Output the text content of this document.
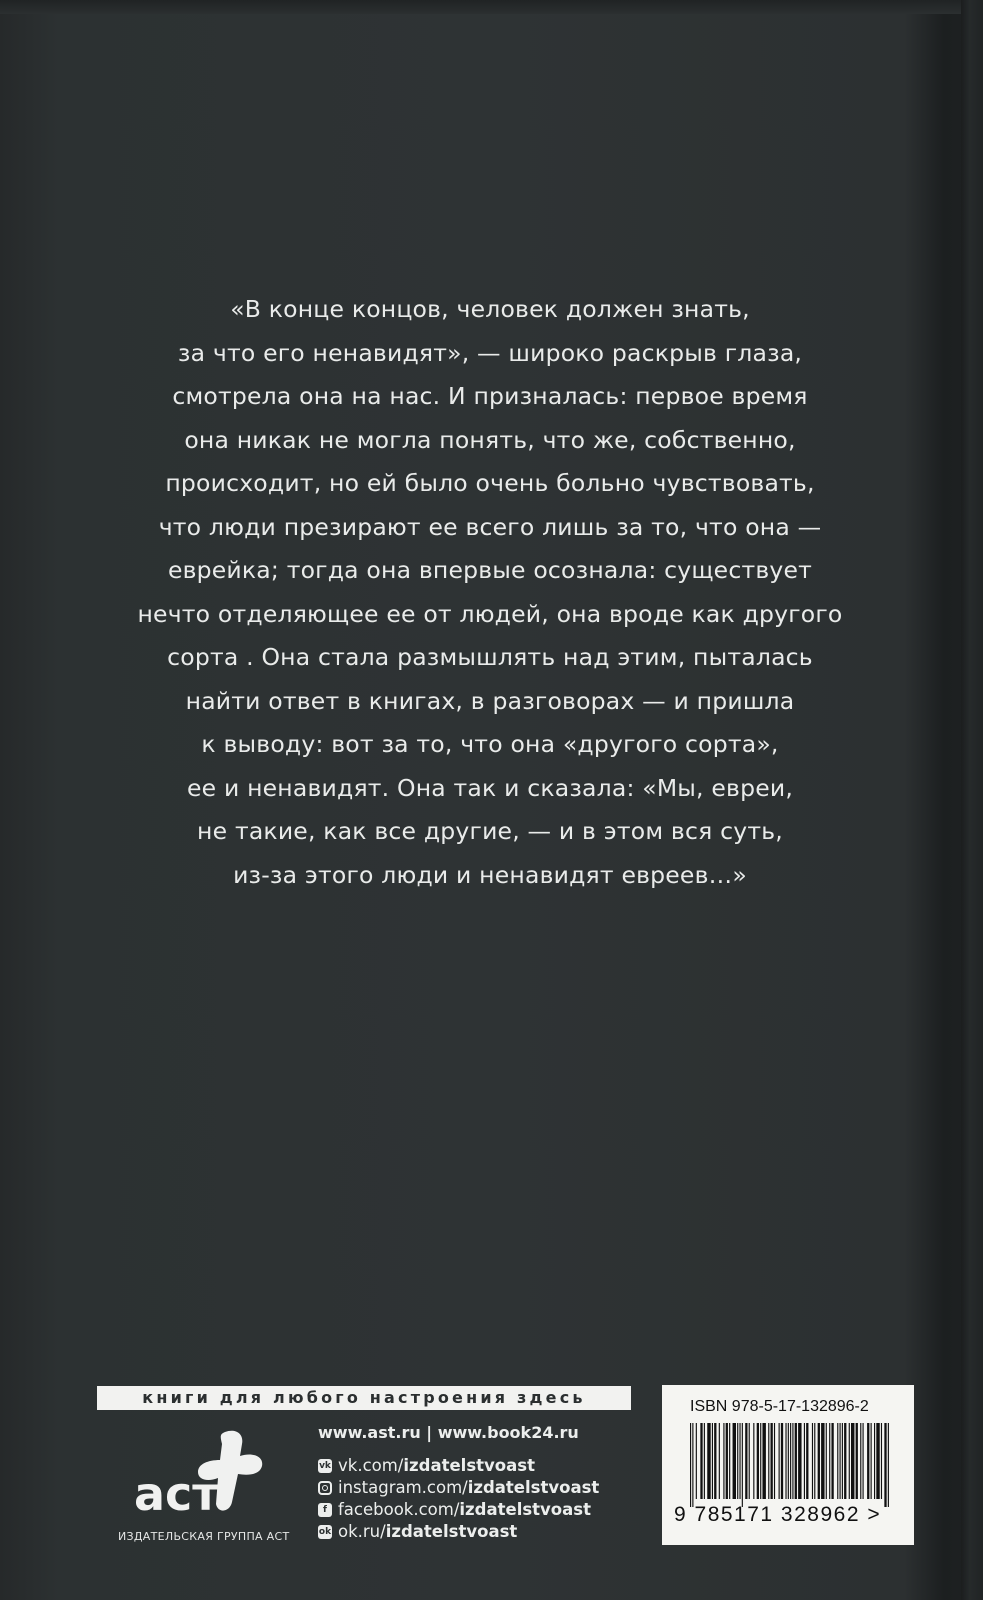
«В конце концов, человек должен знать,
за что его ненавидят», — широко раскрыв глаза,
смотрела она на нас. И призналась: первое время
она никак не могла понять, что же, собственно,
происходит, но ей было очень больно чувствовать,
что люди презирают ее всего лишь за то, что она —
еврейка; тогда она впервые осознала: существует
нечто отделяющее ее от людей, она вроде как другого
сорта . Она стала размышлять над этим, пыталась
найти ответ в книгах, в разговорах — и пришла
к выводу: вот за то, что она «другого сорта»,
ее и ненавидят. Она так и сказала: «Мы, евреи,
не такие, как все другие, — и в этом вся суть,
из-за этого люди и ненавидят евреев…»
книги для любого настроения здесь
аст
ИЗДАТЕЛЬСКАЯ ГРУППА АСТ
www.ast.ru | www.book24.ru
vk vk.com/ izdatelstvoast
instagram.com/ izdatelstvoast
f facebook.com/ izdatelstvoast
ok ok.ru/ izdatelstvoast
ISBN 978-5-17-132896-2
9 785171 328962 >
